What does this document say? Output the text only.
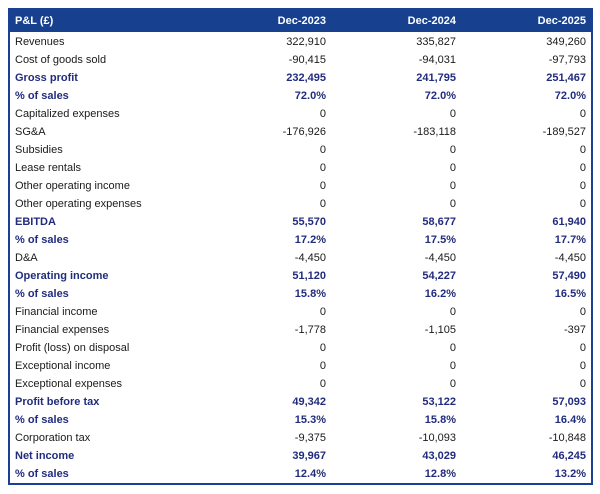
P&L (£)	Dec-2023	Dec-2024	Dec-2025
Revenues	322,910	335,827	349,260
Cost of goods sold	-90,415	-94,031	-97,793
Gross profit	232,495	241,795	251,467
% of sales	72.0%	72.0%	72.0%
Capitalized expenses	0	0	0
SG&A	-176,926	-183,118	-189,527
Subsidies	0	0	0
Lease rentals	0	0	0
Other operating income	0	0	0
Other operating expenses	0	0	0
EBITDA	55,570	58,677	61,940
% of sales	17.2%	17.5%	17.7%
D&A	-4,450	-4,450	-4,450
Operating income	51,120	54,227	57,490
% of sales	15.8%	16.2%	16.5%
Financial income	0	0	0
Financial expenses	-1,778	-1,105	-397
Profit (loss) on disposal	0	0	0
Exceptional income	0	0	0
Exceptional expenses	0	0	0
Profit before tax	49,342	53,122	57,093
% of sales	15.3%	15.8%	16.4%
Corporation tax	-9,375	-10,093	-10,848
Net income	39,967	43,029	46,245
% of sales	12.4%	12.8%	13.2%
